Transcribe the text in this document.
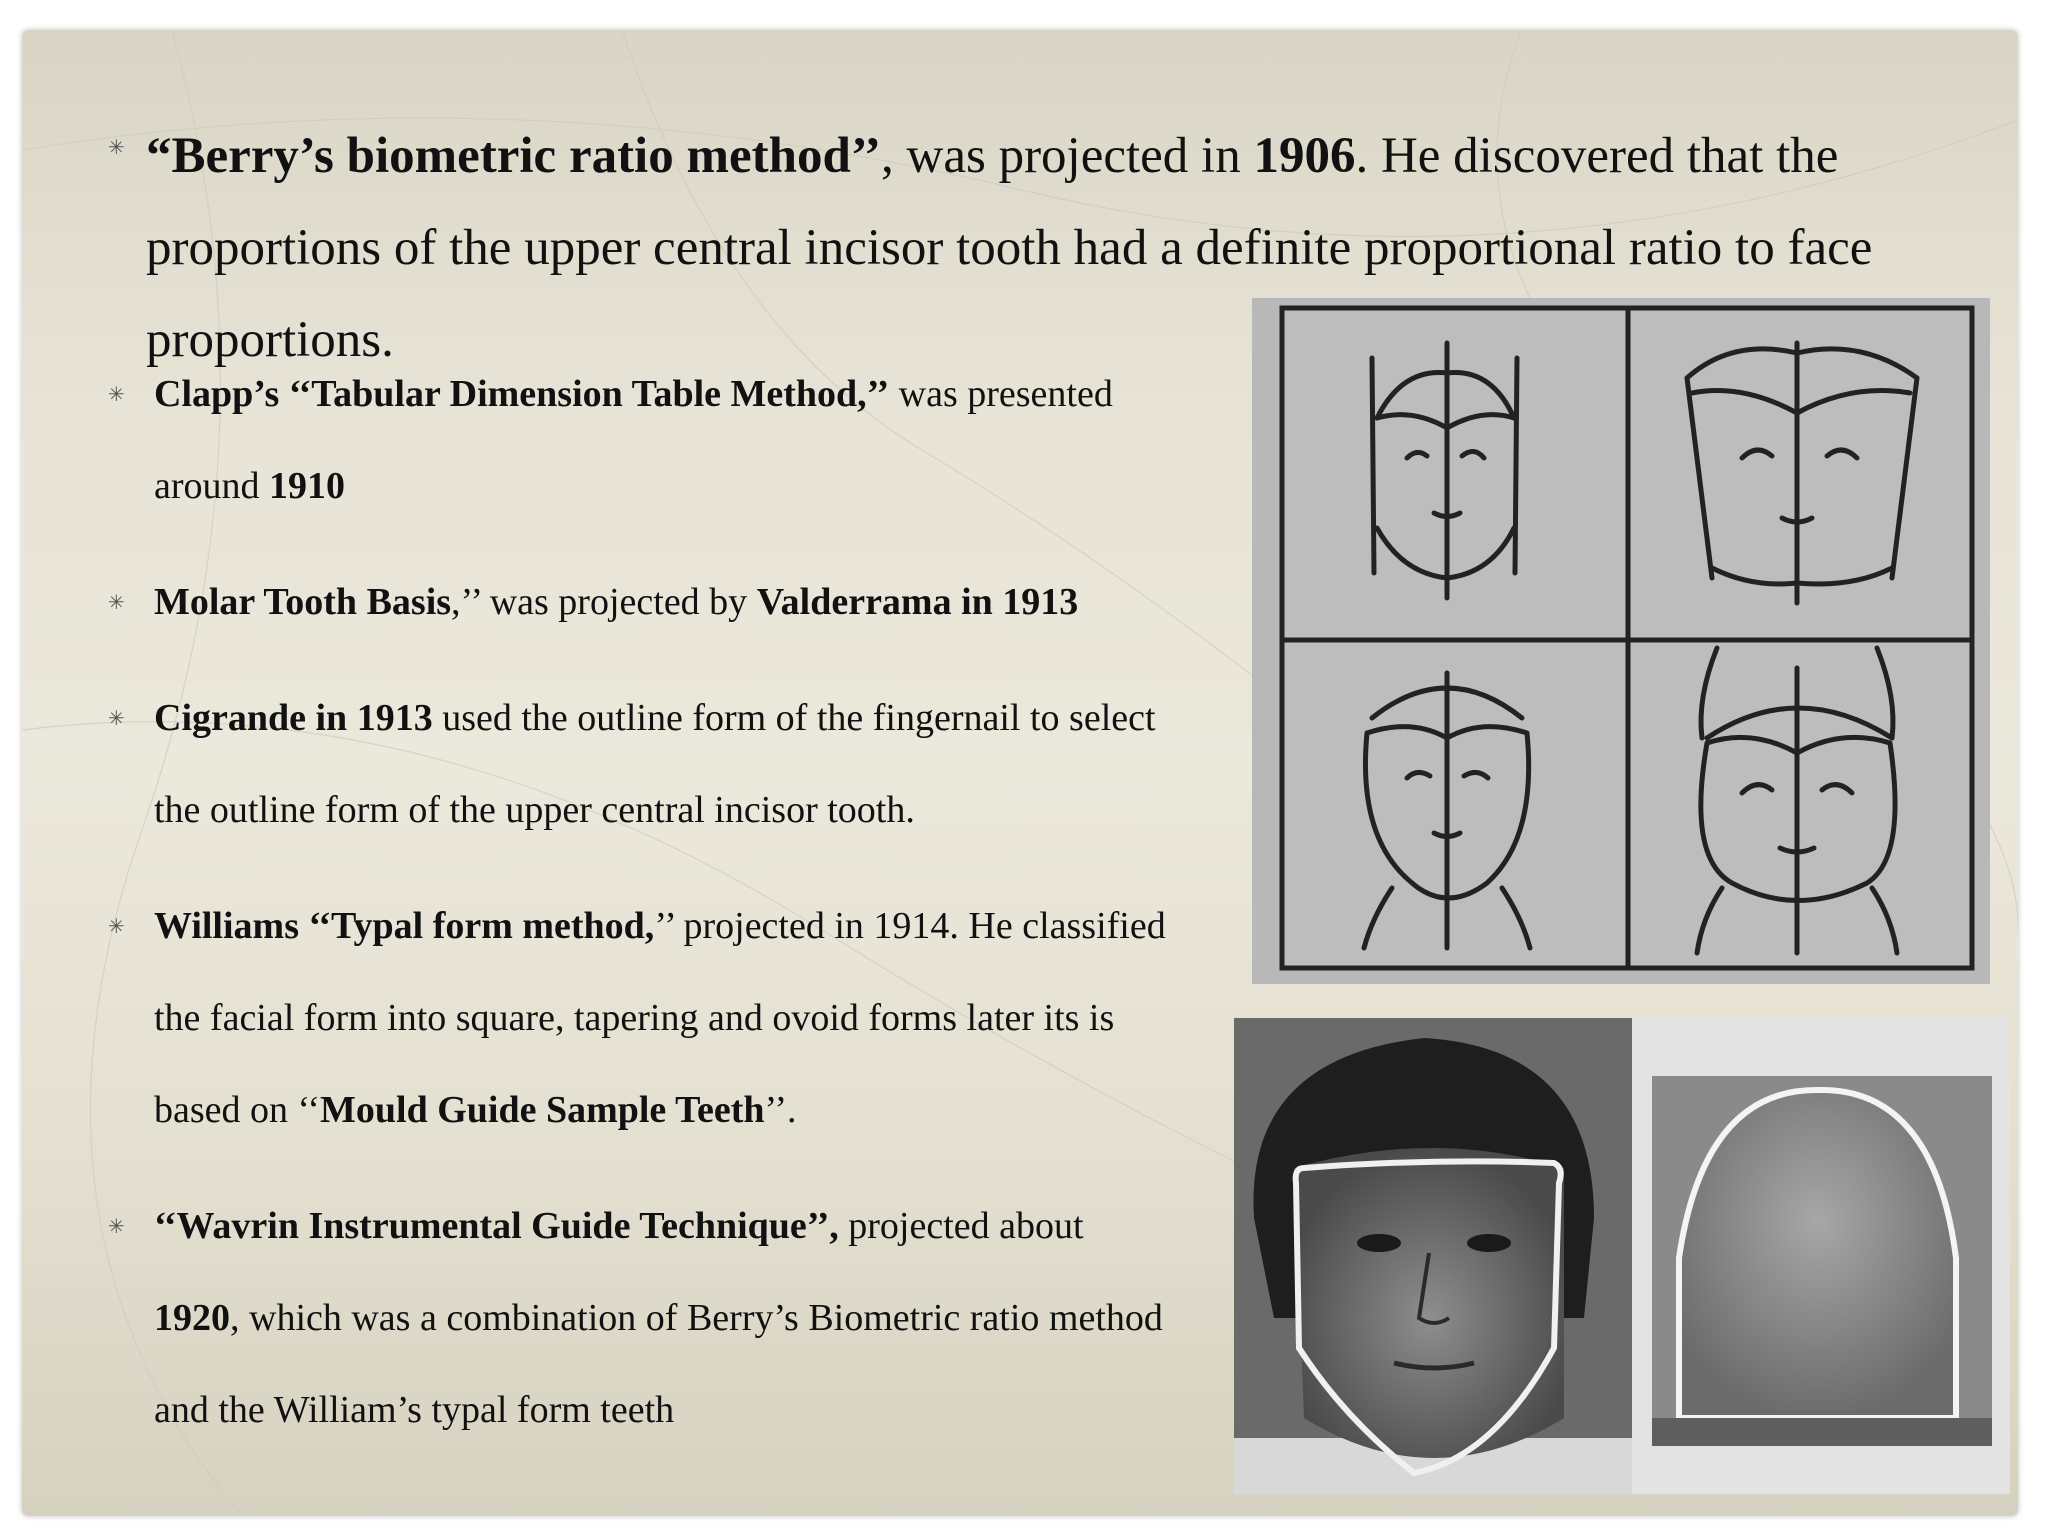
✳ “Berry’s biometric ratio method’’, was projected in 1906. He discovered that the proportions of the upper central incisor tooth had a definite proportional ratio to face proportions.
✳ Clapp’s ‘‘Tabular Dimension Table Method,’’ was presented around 1910
✳ Molar Tooth Basis,’’ was projected by Valderrama in 1913
✳ Cigrande in 1913 used the outline form of the fingernail to select the outline form of the upper central incisor tooth.
✳ Williams ‘‘Typal form method,’’ projected in 1914. He classified the facial form into square, tapering and ovoid forms later its is based on ‘‘Mould Guide Sample Teeth’’.
✳ ‘‘Wavrin Instrumental Guide Technique’’, projected about 1920, which was a combination of Berry’s Biometric ratio method and the William’s typal form teeth
